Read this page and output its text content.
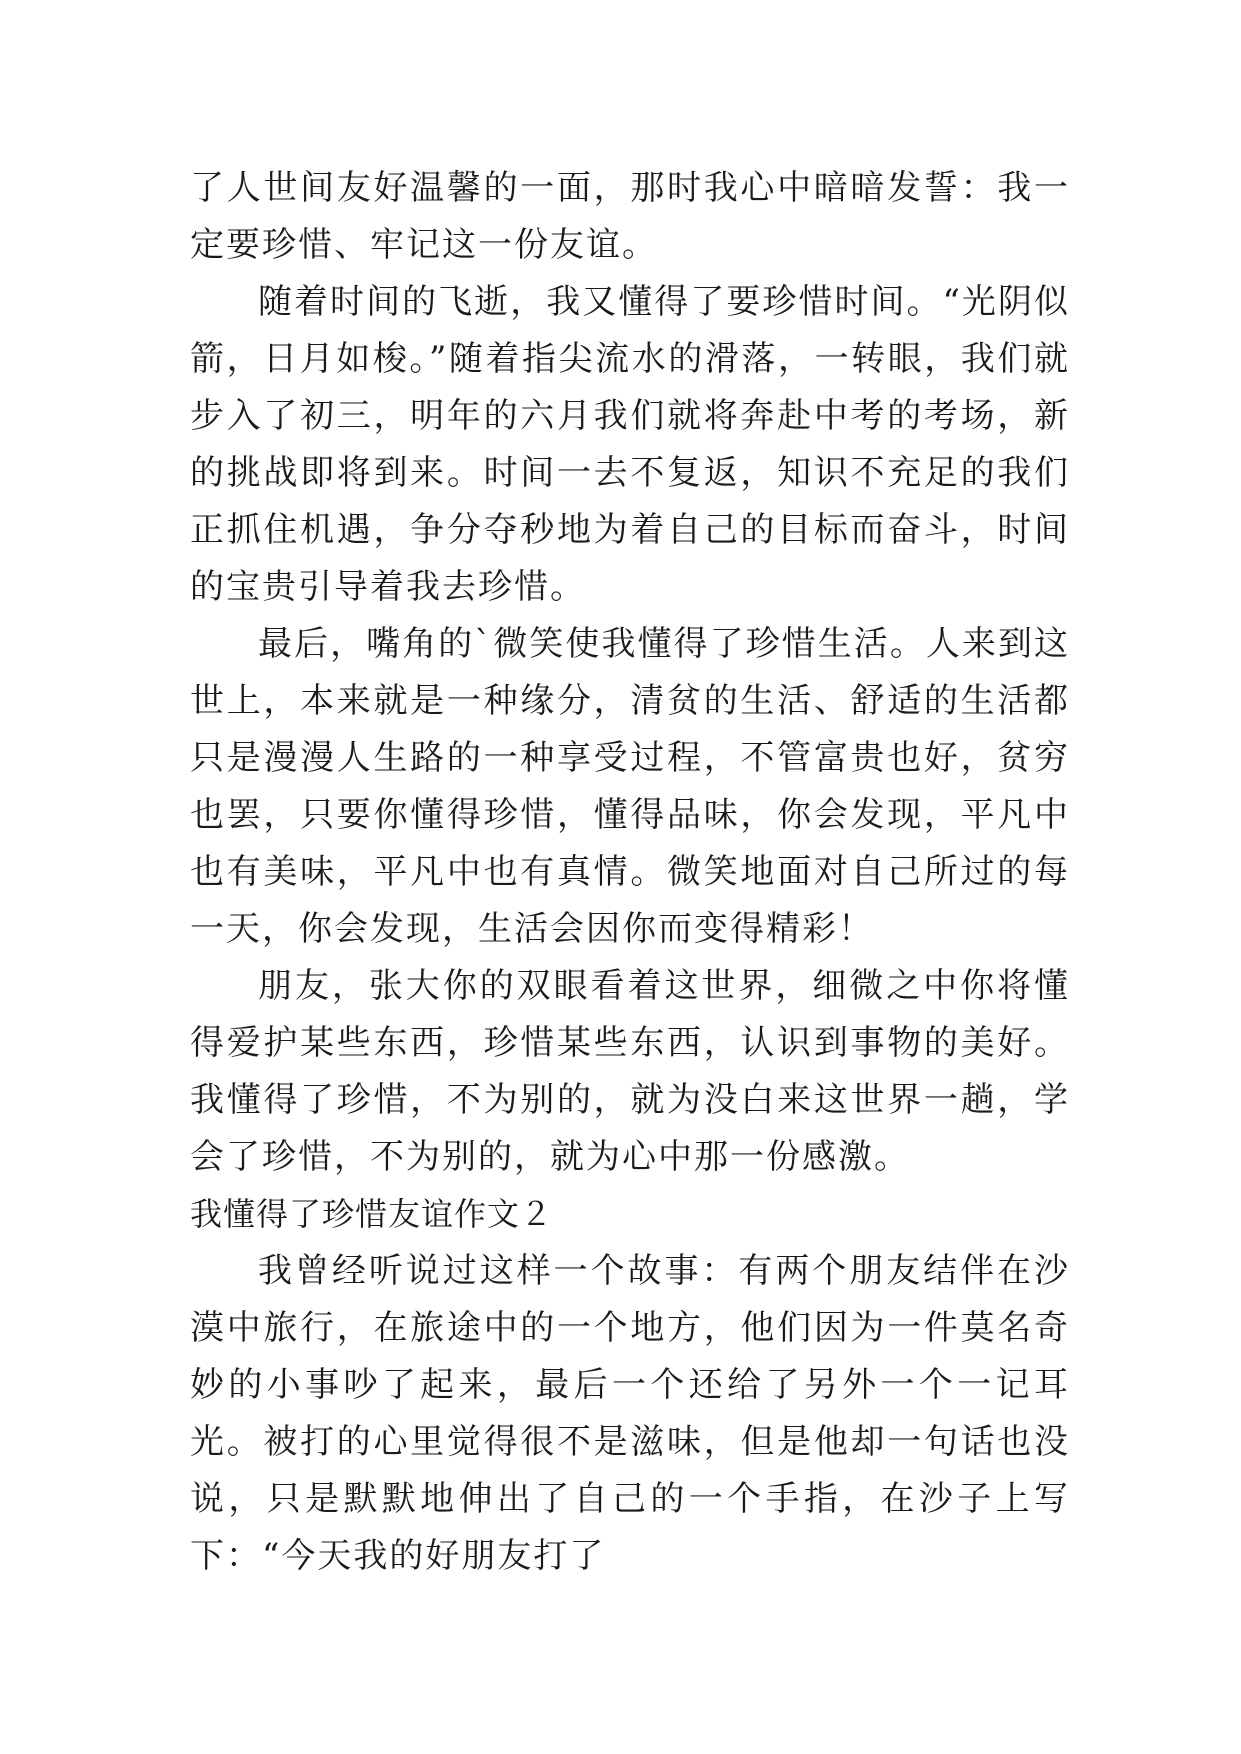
了人世间友好温馨的一面，那时我心中暗暗发誓：我一定要珍惜、牢记这一份友谊。

随着时间的飞逝，我又懂得了要珍惜时间。“光阴似箭，日月如梭。”随着指尖流水的滑落，一转眼，我们就步入了初三，明年的六月我们就将奔赴中考的考场，新的挑战即将到来。时间一去不复返，知识不充足的我们正抓住机遇，争分夺秒地为着自己的目标而奋斗，时间的宝贵引导着我去珍惜。

最后，嘴角的`微笑使我懂得了珍惜生活。人来到这世上，本来就是一种缘分，清贫的生活、舒适的生活都只是漫漫人生路的一种享受过程，不管富贵也好，贫穷也罢，只要你懂得珍惜，懂得品味，你会发现，平凡中也有美味，平凡中也有真情。微笑地面对自己所过的每一天，你会发现，生活会因你而变得精彩！

朋友，张大你的双眼看着这世界，细微之中你将懂得爱护某些东西，珍惜某些东西，认识到事物的美好。我懂得了珍惜，不为别的，就为没白来这世界一趟，学会了珍惜，不为别的，就为心中那一份感激。

我懂得了珍惜友谊作文２

我曾经听说过这样一个故事：有两个朋友结伴在沙漠中旅行，在旅途中的一个地方，他们因为一件莫名奇妙的小事吵了起来，最后一个还给了另外一个一记耳光。被打的心里觉得很不是滋味，但是他却一句话也没说，只是默默地伸出了自己的一个手指，在沙子上写下：“今天我的好朋友打了
